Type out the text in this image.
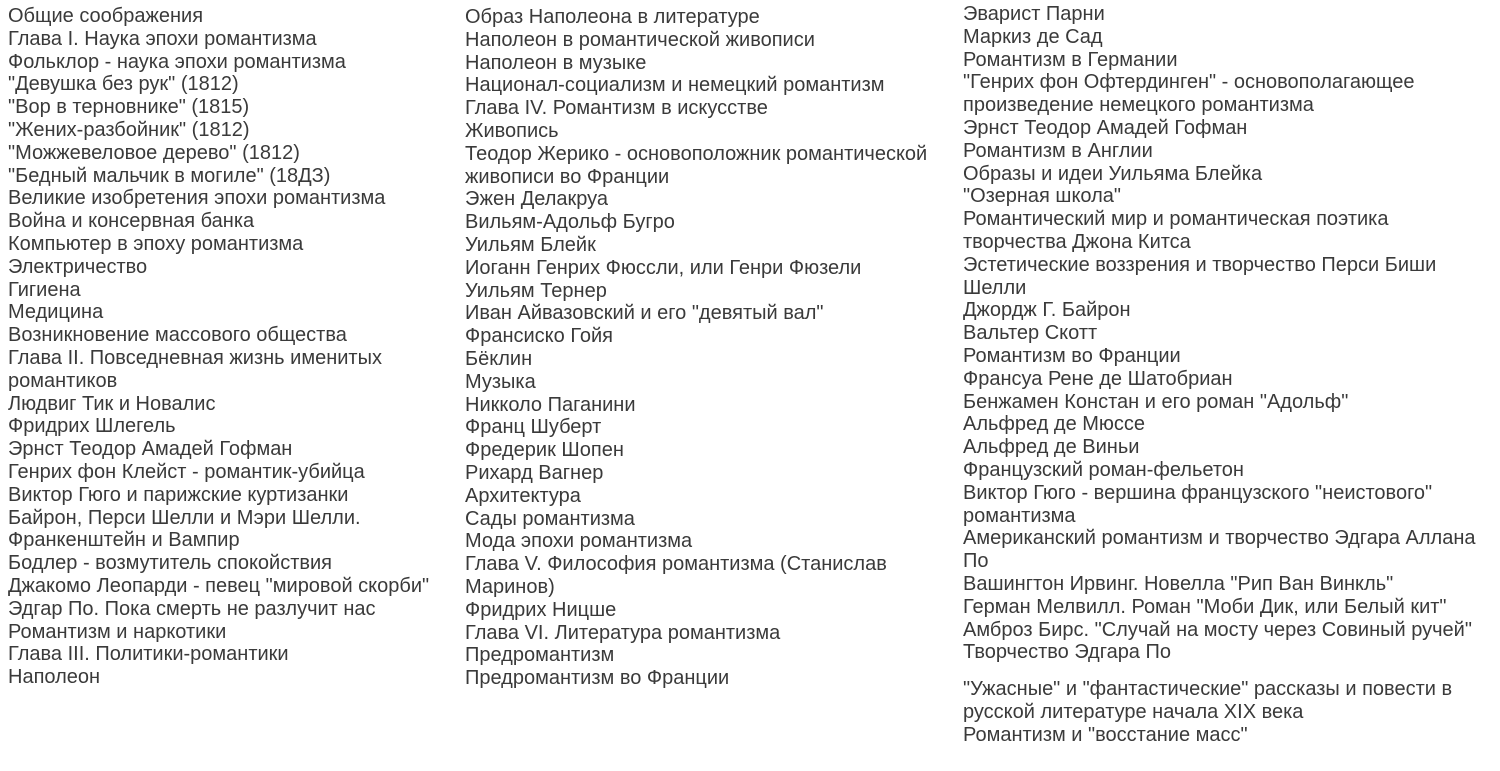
Общие соображения
Глава I. Наука эпохи романтизма
Фольклор - наука эпохи романтизма
"Девушка без рук" (1812)
"Вор в терновнике" (1815)
"Жених-разбойник" (1812)
"Можжевеловое дерево" (1812)
"Бедный мальчик в могиле" (18ДЗ)
Великие изобретения эпохи романтизма
Война и консервная банка
Компьютер в эпоху романтизма
Электричество
Гигиена
Медицина
Возникновение массового общества
Глава II. Повседневная жизнь именитых романтиков
Людвиг Тик и Новалис
Фридрих Шлегель
Эрнст Теодор Амадей Гофман
Генрих фон Клейст - романтик-убийца
Виктор Гюго и парижские куртизанки
Байрон, Перси Шелли и Мэри Шелли. Франкенштейн и Вампир
Бодлер - возмутитель спокойствия
Джакомо Леопарди - певец "мировой скорби"
Эдгар По. Пока смерть не разлучит нас
Романтизм и наркотики
Глава III. Политики-романтики
Наполеон
Образ Наполеона в литературе
Наполеон в романтической живописи
Наполеон в музыке
Национал-социализм и немецкий романтизм
Глава IV. Романтизм в искусстве
Живопись
Теодор Жерико - основоположник романтической живописи во Франции
Эжен Делакруа
Вильям-Адольф Бугро
Уильям Блейк
Иоганн Генрих Фюссли, или Генри Фюзели
Уильям Тернер
Иван Айвазовский и его "девятый вал"
Франсиско Гойя
Бёклин
Музыка
Никколо Паганини
Франц Шуберт
Фредерик Шопен
Рихард Вагнер
Архитектура
Сады романтизма
Мода эпохи романтизма
Глава V. Философия романтизма (Станислав Маринов)
Фридрих Ницше
Глава VI. Литература романтизма
Предромантизм
Предромантизм во Франции
Эварист Парни
Маркиз де Сад
Романтизм в Германии
"Генрих фон Офтердинген" - основополагающее произведение немецкого романтизма
Эрнст Теодор Амадей Гофман
Романтизм в Англии
Образы и идеи Уильяма Блейка
"Озерная школа"
Романтический мир и романтическая поэтика творчества Джона Китса
Эстетические воззрения и творчество Перси Биши Шелли
Джордж Г. Байрон
Вальтер Скотт
Романтизм во Франции
Франсуа Рене де Шатобриан
Бенжамен Констан и его роман "Адольф"
Альфред де Мюссе
Альфред де Виньи
Французский роман-фельетон
Виктор Гюго - вершина французского "неистового" романтизма
Американский романтизм и творчество Эдгара Аллана По
Вашингтон Ирвинг. Новелла "Рип Ван Винкль"
Герман Мелвилл. Роман "Моби Дик, или Белый кит"
Амброз Бирс. "Случай на мосту через Совиный ручей"
Творчество Эдгара По
"Ужасные" и "фантастические" рассказы и повести в русской литературе начала XIX века
Романтизм и "восстание масс"
